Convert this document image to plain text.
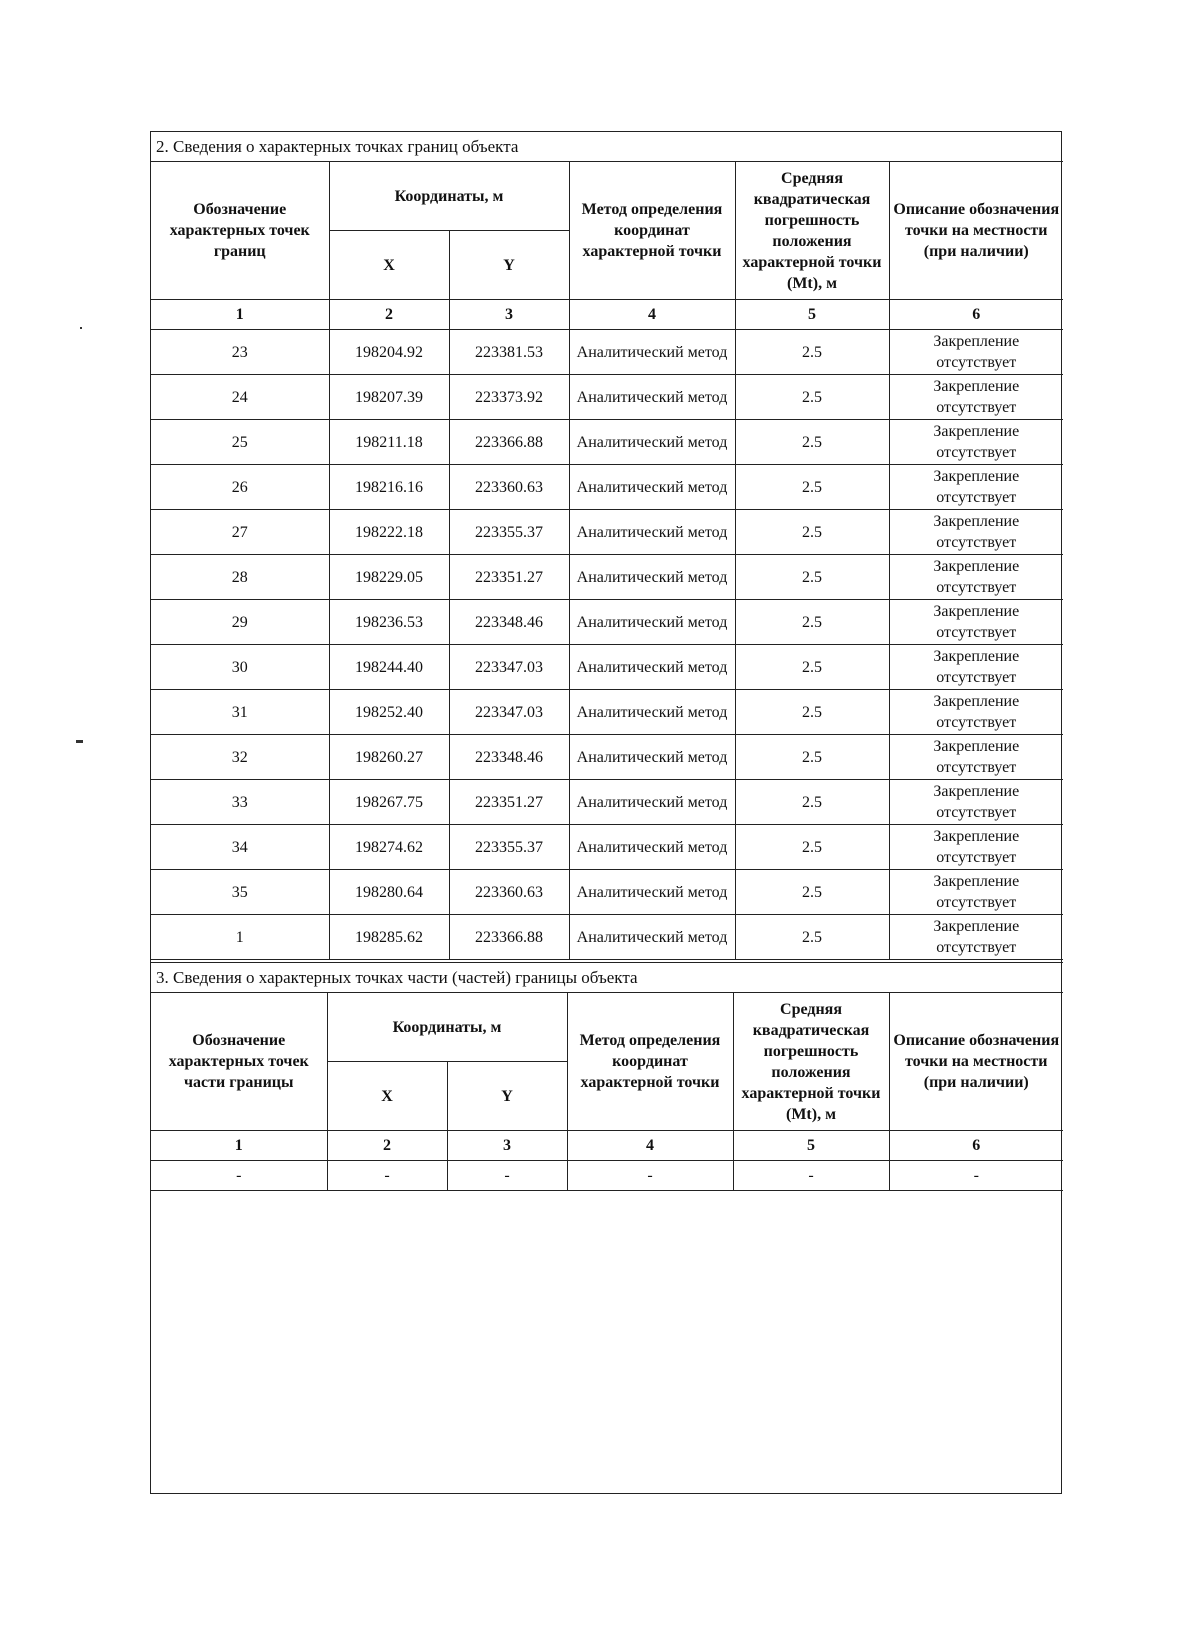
2. Сведения о характерных точках границ объекта					
Обозначение характерных точек границ	Координаты, м		Метод определения координат характерной точки	Средняя квадратическая погрешность положения характерной точки (Mt), м	Описание обозначения точки на местности (при наличии)
	X	Y			
1	2	3	4	5	6
23	198204.92	223381.53	Аналитический метод	2.5	Закрепление отсутствует
24	198207.39	223373.92	Аналитический метод	2.5	Закрепление отсутствует
25	198211.18	223366.88	Аналитический метод	2.5	Закрепление отсутствует
26	198216.16	223360.63	Аналитический метод	2.5	Закрепление отсутствует
27	198222.18	223355.37	Аналитический метод	2.5	Закрепление отсутствует
28	198229.05	223351.27	Аналитический метод	2.5	Закрепление отсутствует
29	198236.53	223348.46	Аналитический метод	2.5	Закрепление отсутствует
30	198244.40	223347.03	Аналитический метод	2.5	Закрепление отсутствует
31	198252.40	223347.03	Аналитический метод	2.5	Закрепление отсутствует
32	198260.27	223348.46	Аналитический метод	2.5	Закрепление отсутствует
33	198267.75	223351.27	Аналитический метод	2.5	Закрепление отсутствует
34	198274.62	223355.37	Аналитический метод	2.5	Закрепление отсутствует
35	198280.64	223360.63	Аналитический метод	2.5	Закрепление отсутствует
1	198285.62	223366.88	Аналитический метод	2.5	Закрепление отсутствует
3. Сведения о характерных точках части (частей) границы объекта					
Обозначение характерных точек части границы	Координаты, м		Метод определения координат характерной точки	Средняя квадратическая погрешность положения характерной точки (Mt), м	Описание обозначения точки на местности (при наличии)
	X	Y			
1	2	3	4	5	6
-	-	-	-	-	-
